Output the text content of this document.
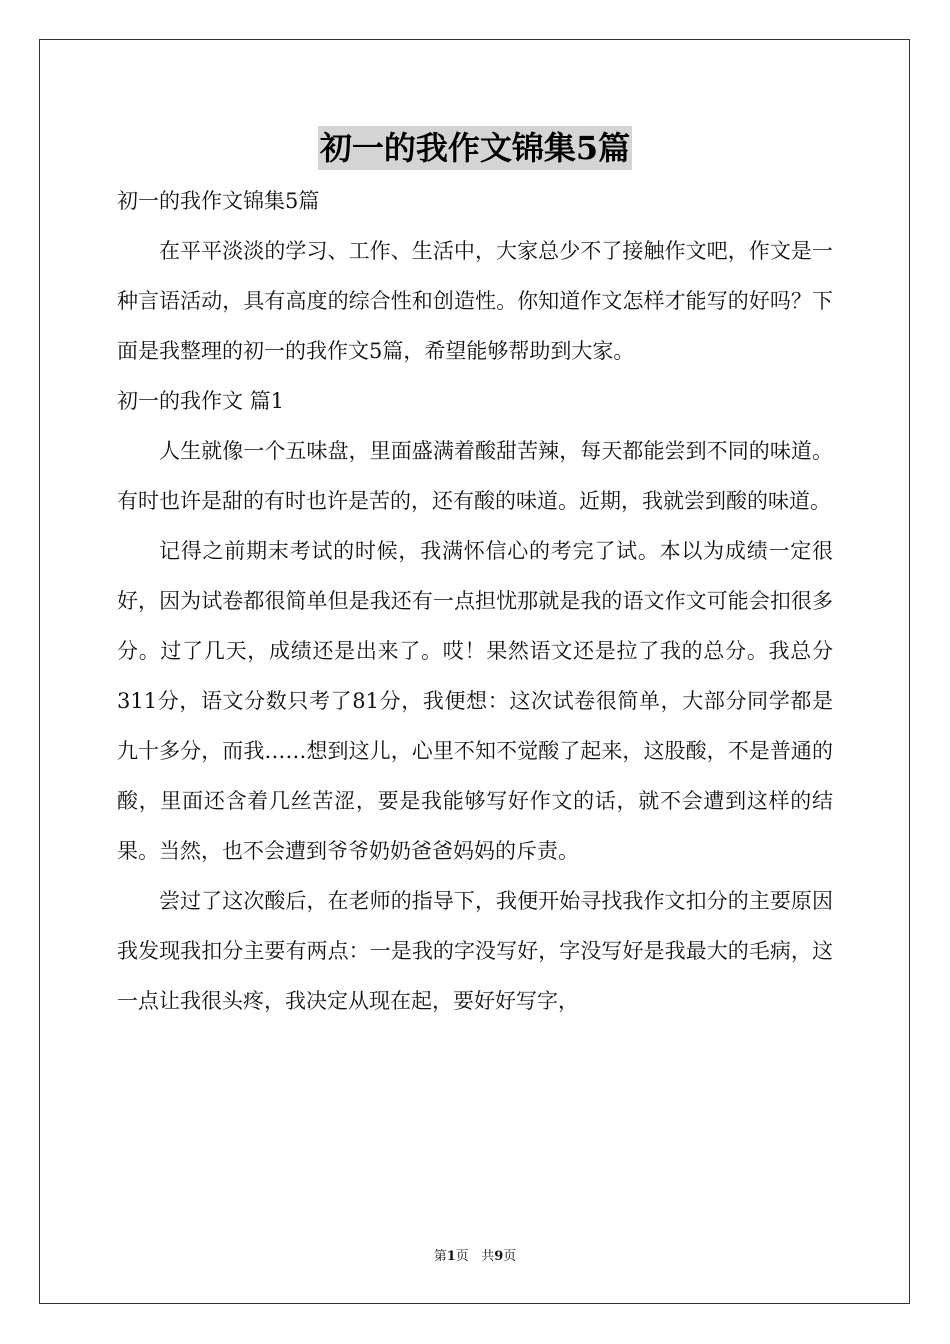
初一的我作文锦集5篇

初一的我作文锦集5篇

在平平淡淡的学习、工作、生活中，大家总少不了接触作文吧，作文是一种言语活动，具有高度的综合性和创造性。你知道作文怎样才能写的好吗？下面是我整理的初一的我作文5篇，希望能够帮助到大家。

初一的我作文 篇1

人生就像一个五味盘，里面盛满着酸甜苦辣，每天都能尝到不同的味道。有时也许是甜的有时也许是苦的，还有酸的味道。近期，我就尝到酸的味道。

记得之前期末考试的时候，我满怀信心的考完了试。本以为成绩一定很好，因为试卷都很简单但是我还有一点担忧那就是我的语文作文可能会扣很多分。过了几天，成绩还是出来了。哎！果然语文还是拉了我的总分。我总分311分，语文分数只考了81分，我便想：这次试卷很简单，大部分同学都是九十多分，而我……想到这儿，心里不知不觉酸了起来，这股酸，不是普通的酸，里面还含着几丝苦涩，要是我能够写好作文的话，就不会遭到这样的结果。当然，也不会遭到爷爷奶奶爸爸妈妈的斥责。

尝过了这次酸后，在老师的指导下，我便开始寻找我作文扣分的主要原因我发现我扣分主要有两点：一是我的字没写好，字没写好是我最大的毛病，这一点让我很头疼，我决定从现在起，要好好写字，

第1页 共9页
